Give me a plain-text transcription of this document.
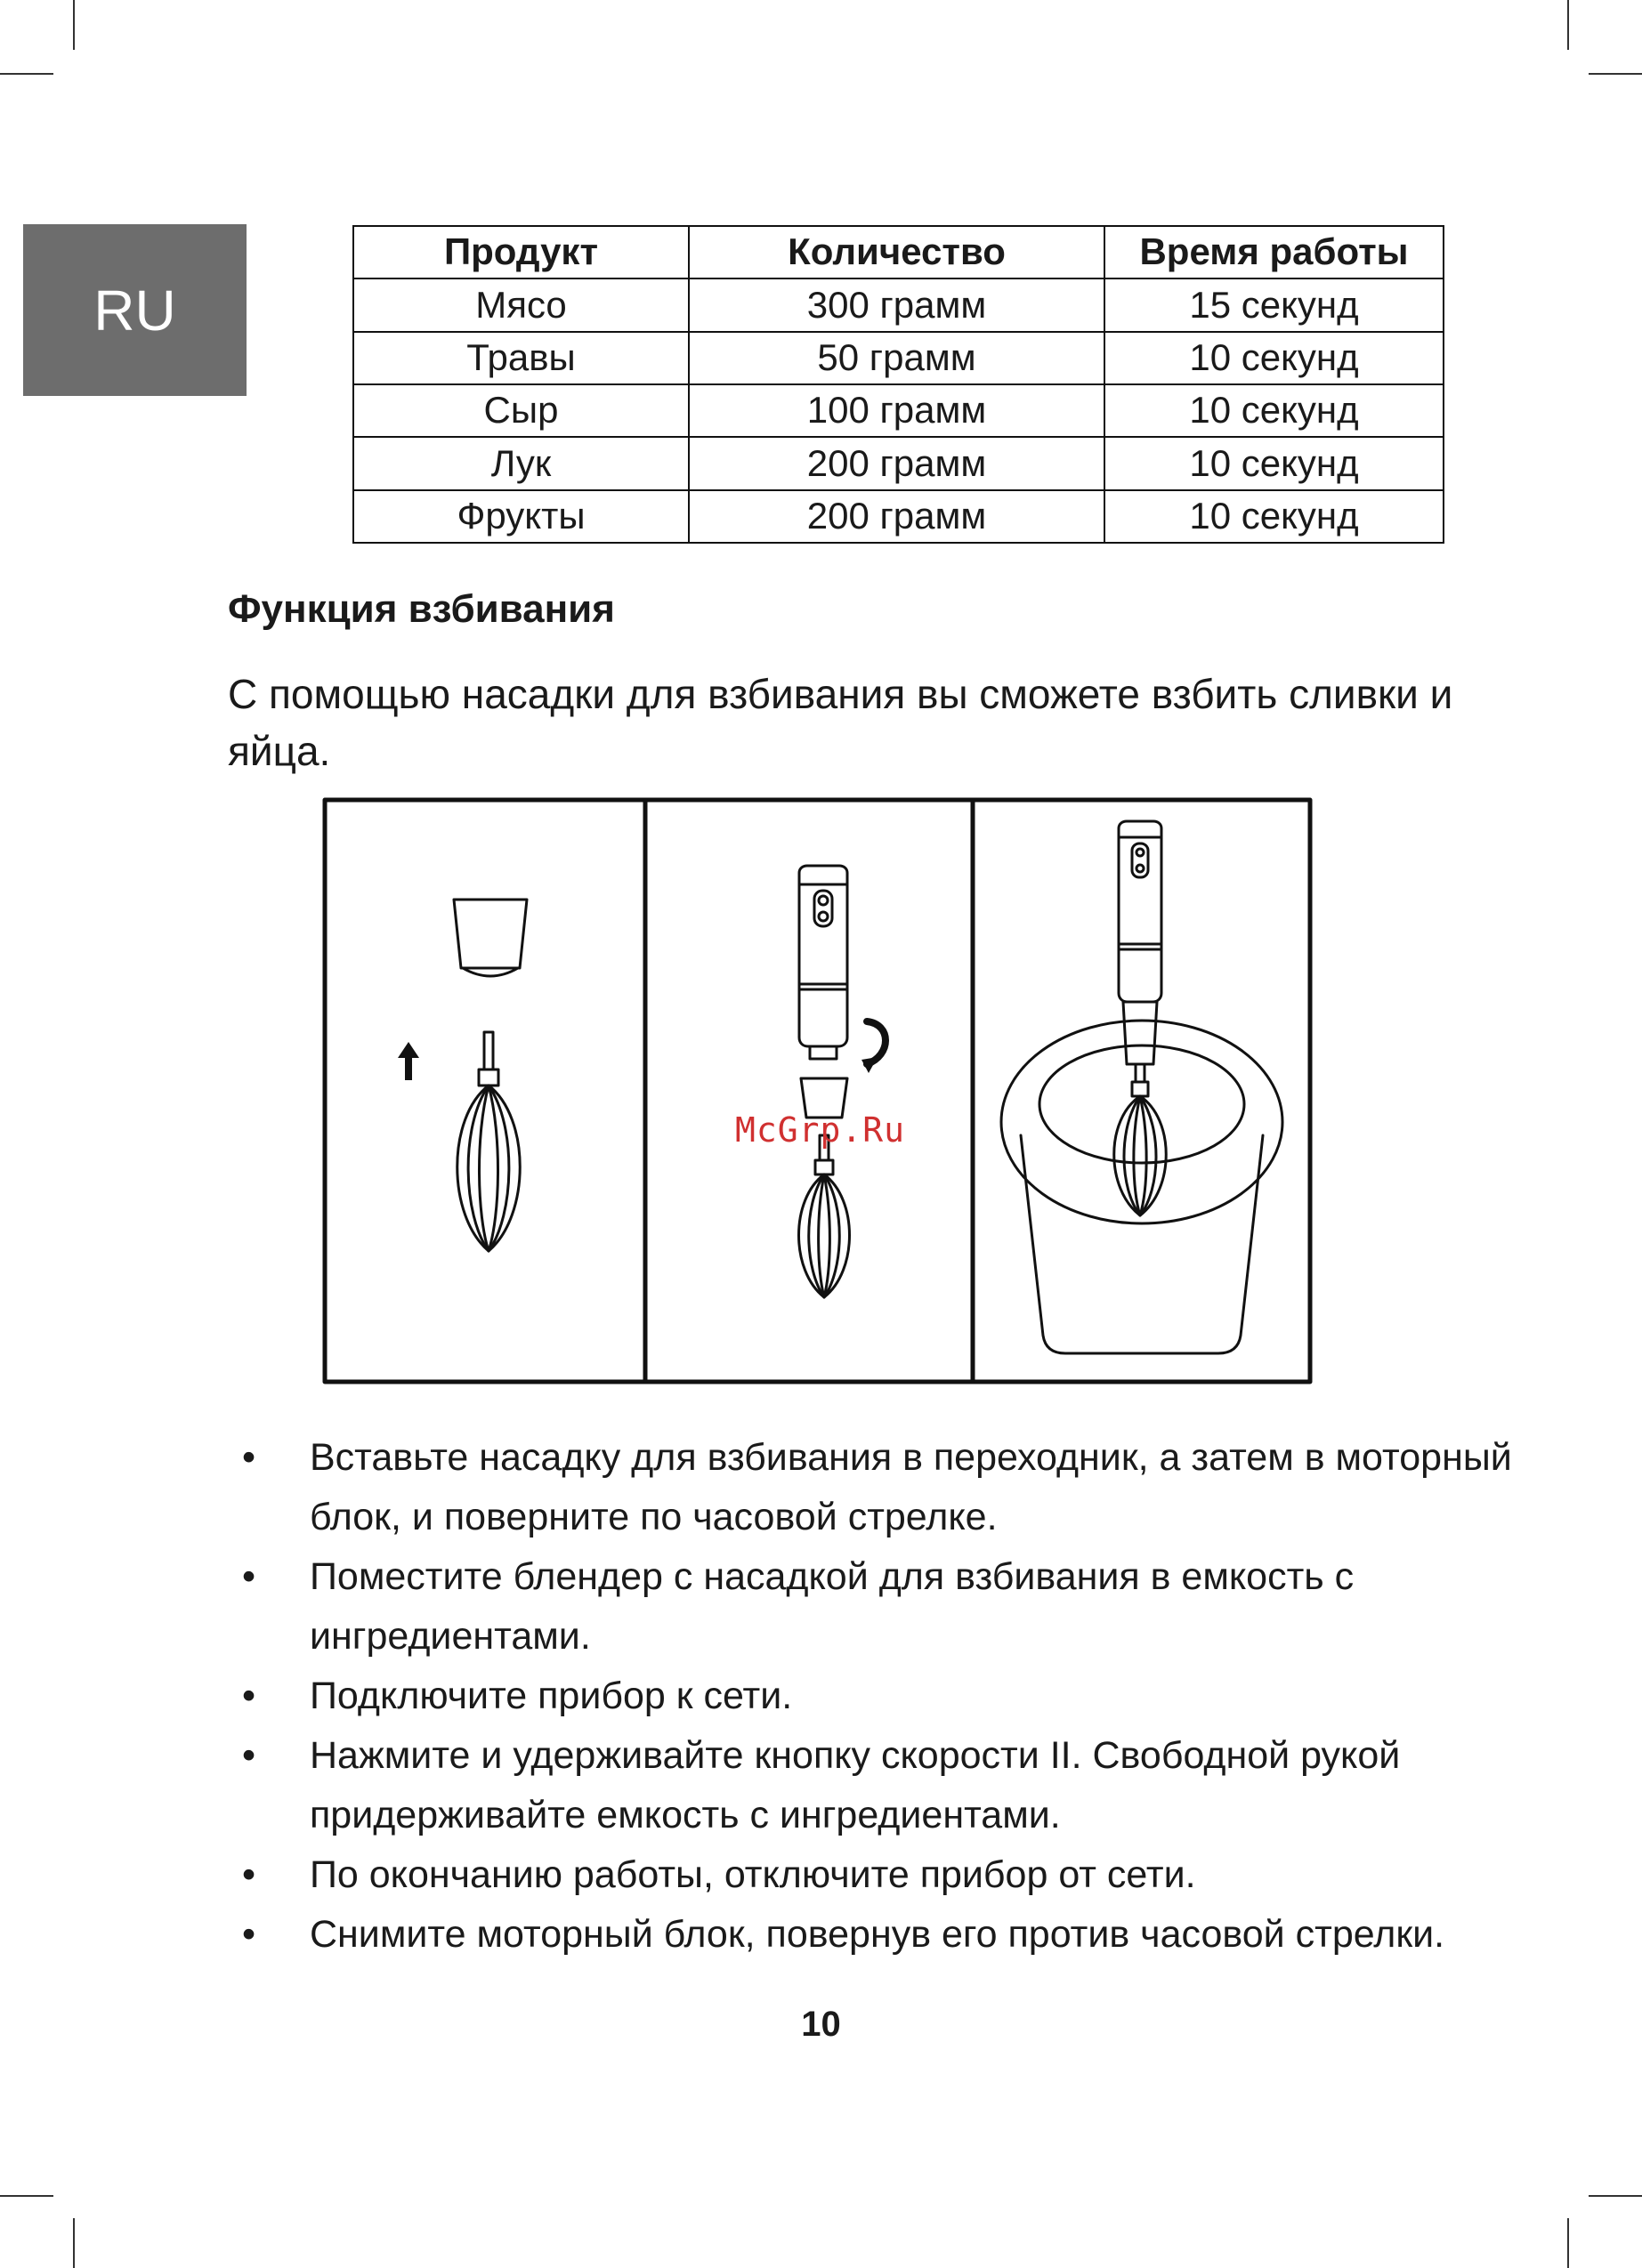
RU
Продукт	Количество	Время работы
Мясо	300 грамм	15 секунд
Травы	50 грамм	10 секунд
Сыр	100 грамм	10 секунд
Лук	200 грамм	10 секунд
Фрукты	200 грамм	10 секунд
Функция взбивания

С помощью насадки для взбивания вы сможете взбить сливки и яйца.

McGrp.Ru
• Вставьте насадку для взбивания в переходник, а затем в моторный блок, и поверните по часовой стрелке.
• Поместите блендер с насадкой для взбивания в емкость с ингредиентами.
• Подключите прибор к сети.
• Нажмите и удерживайте кнопку скорости II. Свободной рукой придерживайте емкость с ингредиентами.
• По окончанию работы, отключите прибор от сети.
• Снимите моторный блок, повернув его против часовой стрелки.
10
